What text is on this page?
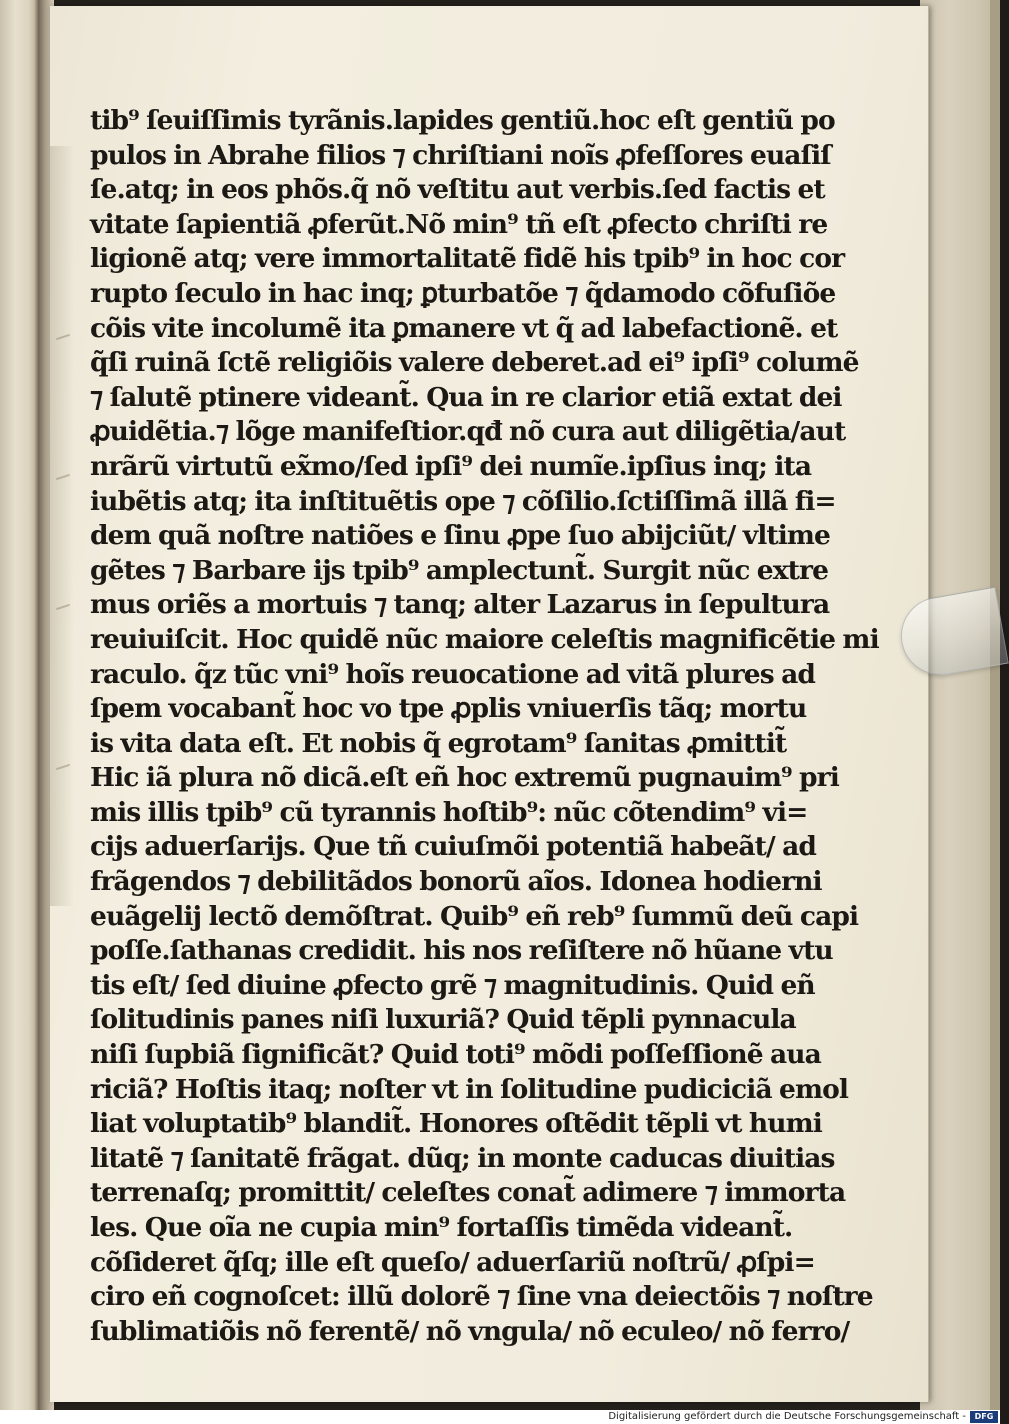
tib⁹ ſeuiſſimis tyrãnis.lapides gentiũ.hoc eſt gentiũ po
pulos in Abrahe filios ⁊ chriſtiani noĩs ꝓfeſſores euaſiſ
ſe.atq; in eos phõs.q̃ nõ veſtitu aut verbis.ſed factis et
vitate ſapientiã ꝓferũt.Nõ min⁹ tñ eſt ꝓfecto chriſti re
ligionẽ atq; vere immortalitatẽ fidẽ his tpib⁹ in hoc cor
rupto ſeculo in hac inq; ꝑturbatõe ⁊ q̃damodo cõfuſiõe
cõis vite incolumẽ ita ꝑmanere vt q̃ ad labefactionẽ. et
q̃ſi ruinã ſctẽ religiõis valere deberet.ad ei⁹ ipſi⁹ columẽ
⁊ ſalutẽ ptinere videant̃. Qua in re clarior etiã extat dei
ꝓuidẽtia.⁊ lõge manifeſtior.qđ nõ cura aut diligẽtia/aut
nrãrũ virtutũ ex̃mo/ſed ipſi⁹ dei numĩe.ipſius inq; ita
iubẽtis atq; ita inſtituẽtis ope ⁊ cõſilio.ſctiſſimã illã fi=
dem quã noſtre natiões e ſinu ꝓpe ſuo abijciũt/ vltime
gẽtes ⁊ Barbare ijs tpib⁹ amplectunt̃. Surgit nũc extre
mus oriẽs a mortuis ⁊ tanq; alter Lazarus in ſepultura
reuiuiſcit. Hoc quidẽ nũc maiore celeſtis magnificẽtie mi
raculo. q̃z tũc vni⁹ hoĩs reuocatione ad vitã plures ad
ſpem vocabant̃ hoc vo tpe ꝓplis vniuerſis tãq; mortu
is vita data eſt. Et nobis q̃ egrotam⁹ ſanitas ꝓmittit̃
Hic iã plura nõ dicã.eſt eñ hoc extremũ pugnauim⁹ pri
mis illis tpib⁹ cũ tyrannis hoſtib⁹: nũc cõtendim⁹ vi=
cijs aduerſarijs. Que tñ cuiuſmõi potentiã habeãt/ ad
frãgendos ⁊ debilitãdos bonorũ aĩos. Idonea hodierni
euãgelij lectõ demõſtrat. Quib⁹ eñ reb⁹ ſummũ deũ capi
poſſe.ſathanas credidit. his nos reſiſtere nõ hũane vtu
tis eſt/ ſed diuine ꝓfecto grẽ ⁊ magnitudinis. Quid eñ
ſolitudinis panes niſi luxuriã? Quid tẽpli pynnacula
niſi ſupbiã ſignificãt? Quid toti⁹ mõdi poſſeſſionẽ aua
riciã? Hoſtis itaq; noſter vt in ſolitudine pudiciciã emol
liat voluptatib⁹ blandit̃. Honores oſtẽdit tẽpli vt humi
litatẽ ⁊ ſanitatẽ frãgat. dũq; in monte caducas diuitias
terrenaſq; promittit/ celeſtes conat̃ adimere ⁊ immorta
les. Que oĩa ne cupia min⁹ fortaſſis timẽda videant̃.
cõſideret q̃ſq; ille eſt queſo/ aduerſariũ noſtrũ/ ꝓſpi=
ciro eñ cognoſcet: illũ dolorẽ ⁊ ſine vna deiectõis ⁊ noſtre
ſublimatiõis nõ ferentẽ/ nõ vngula/ nõ eculeo/ nõ ferro/
Digitalisierung gefördert durch die Deutsche Forschungsgemeinschaft -	DFG
